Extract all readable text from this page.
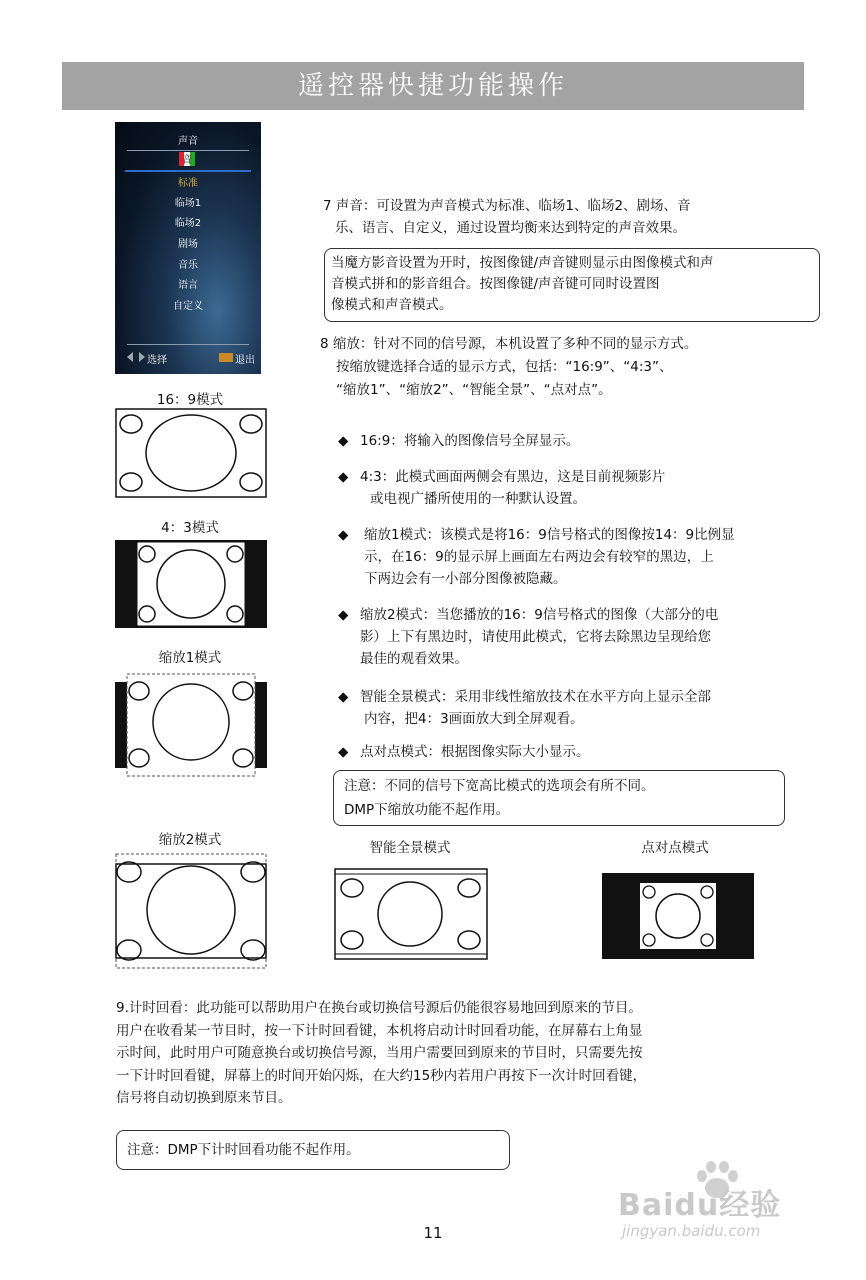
遥控器快捷功能操作
声音
音
标准
临场1
临场2
剧场
音乐
语言
自定义
选择	退出
7 声音：可设置为声音模式为标准、临场1、临场2、剧场、音
乐、语言、自定义，通过设置均衡来达到特定的声音效果。
当魔方影音设置为开时，按图像键/声音键则显示由图像模式和声
音模式拼和的影音组合。按图像键/声音键可同时设置图
像模式和声音模式。
8 缩放：针对不同的信号源，本机设置了多种不同的显示方式。
按缩放键选择合适的显示方式，包括：“16:9”、“4:3”、
“缩放1”、“缩放2”、“智能全景”、“点对点”。
◆ 16:9：将输入的图像信号全屏显示。
◆ 4:3：此模式画面两侧会有黑边，这是目前视频影片
或电视广播所使用的一种默认设置。
◆	缩放1模式：该模式是将16：9信号格式的图像按14：9比例显
示，在16：9的显示屏上画面左右两边会有较窄的黑边，上
下两边会有一小部分图像被隐藏。
◆ 缩放2模式：当您播放的16：9信号格式的图像（大部分的电
影）上下有黑边时，请使用此模式，它将去除黑边呈现给您
最佳的观看效果。
◆ 智能全景模式：采用非线性缩放技术在水平方向上显示全部
内容，把4：3画面放大到全屏观看。
◆ 点对点模式：根据图像实际大小显示。
注意：不同的信号下宽高比模式的选项会有所不同。
DMP下缩放功能不起作用。
16：9模式
4：3模式
缩放1模式
缩放2模式	智能全景模式	点对点模式
9.计时回看：此功能可以帮助用户在换台或切换信号源后仍能很容易地回到原来的节目。
用户在收看某一节目时，按一下计时回看键，本机将启动计时回看功能，在屏幕右上角显
示时间，此时用户可随意换台或切换信号源，当用户需要回到原来的节目时，只需要先按
一下计时回看键，屏幕上的时间开始闪烁，在大约15秒内若用户再按下一次计时回看键，
信号将自动切换到原来节目。
注意：DMP下计时回看功能不起作用。
11
Baidu经验
jingyan.baidu.com
